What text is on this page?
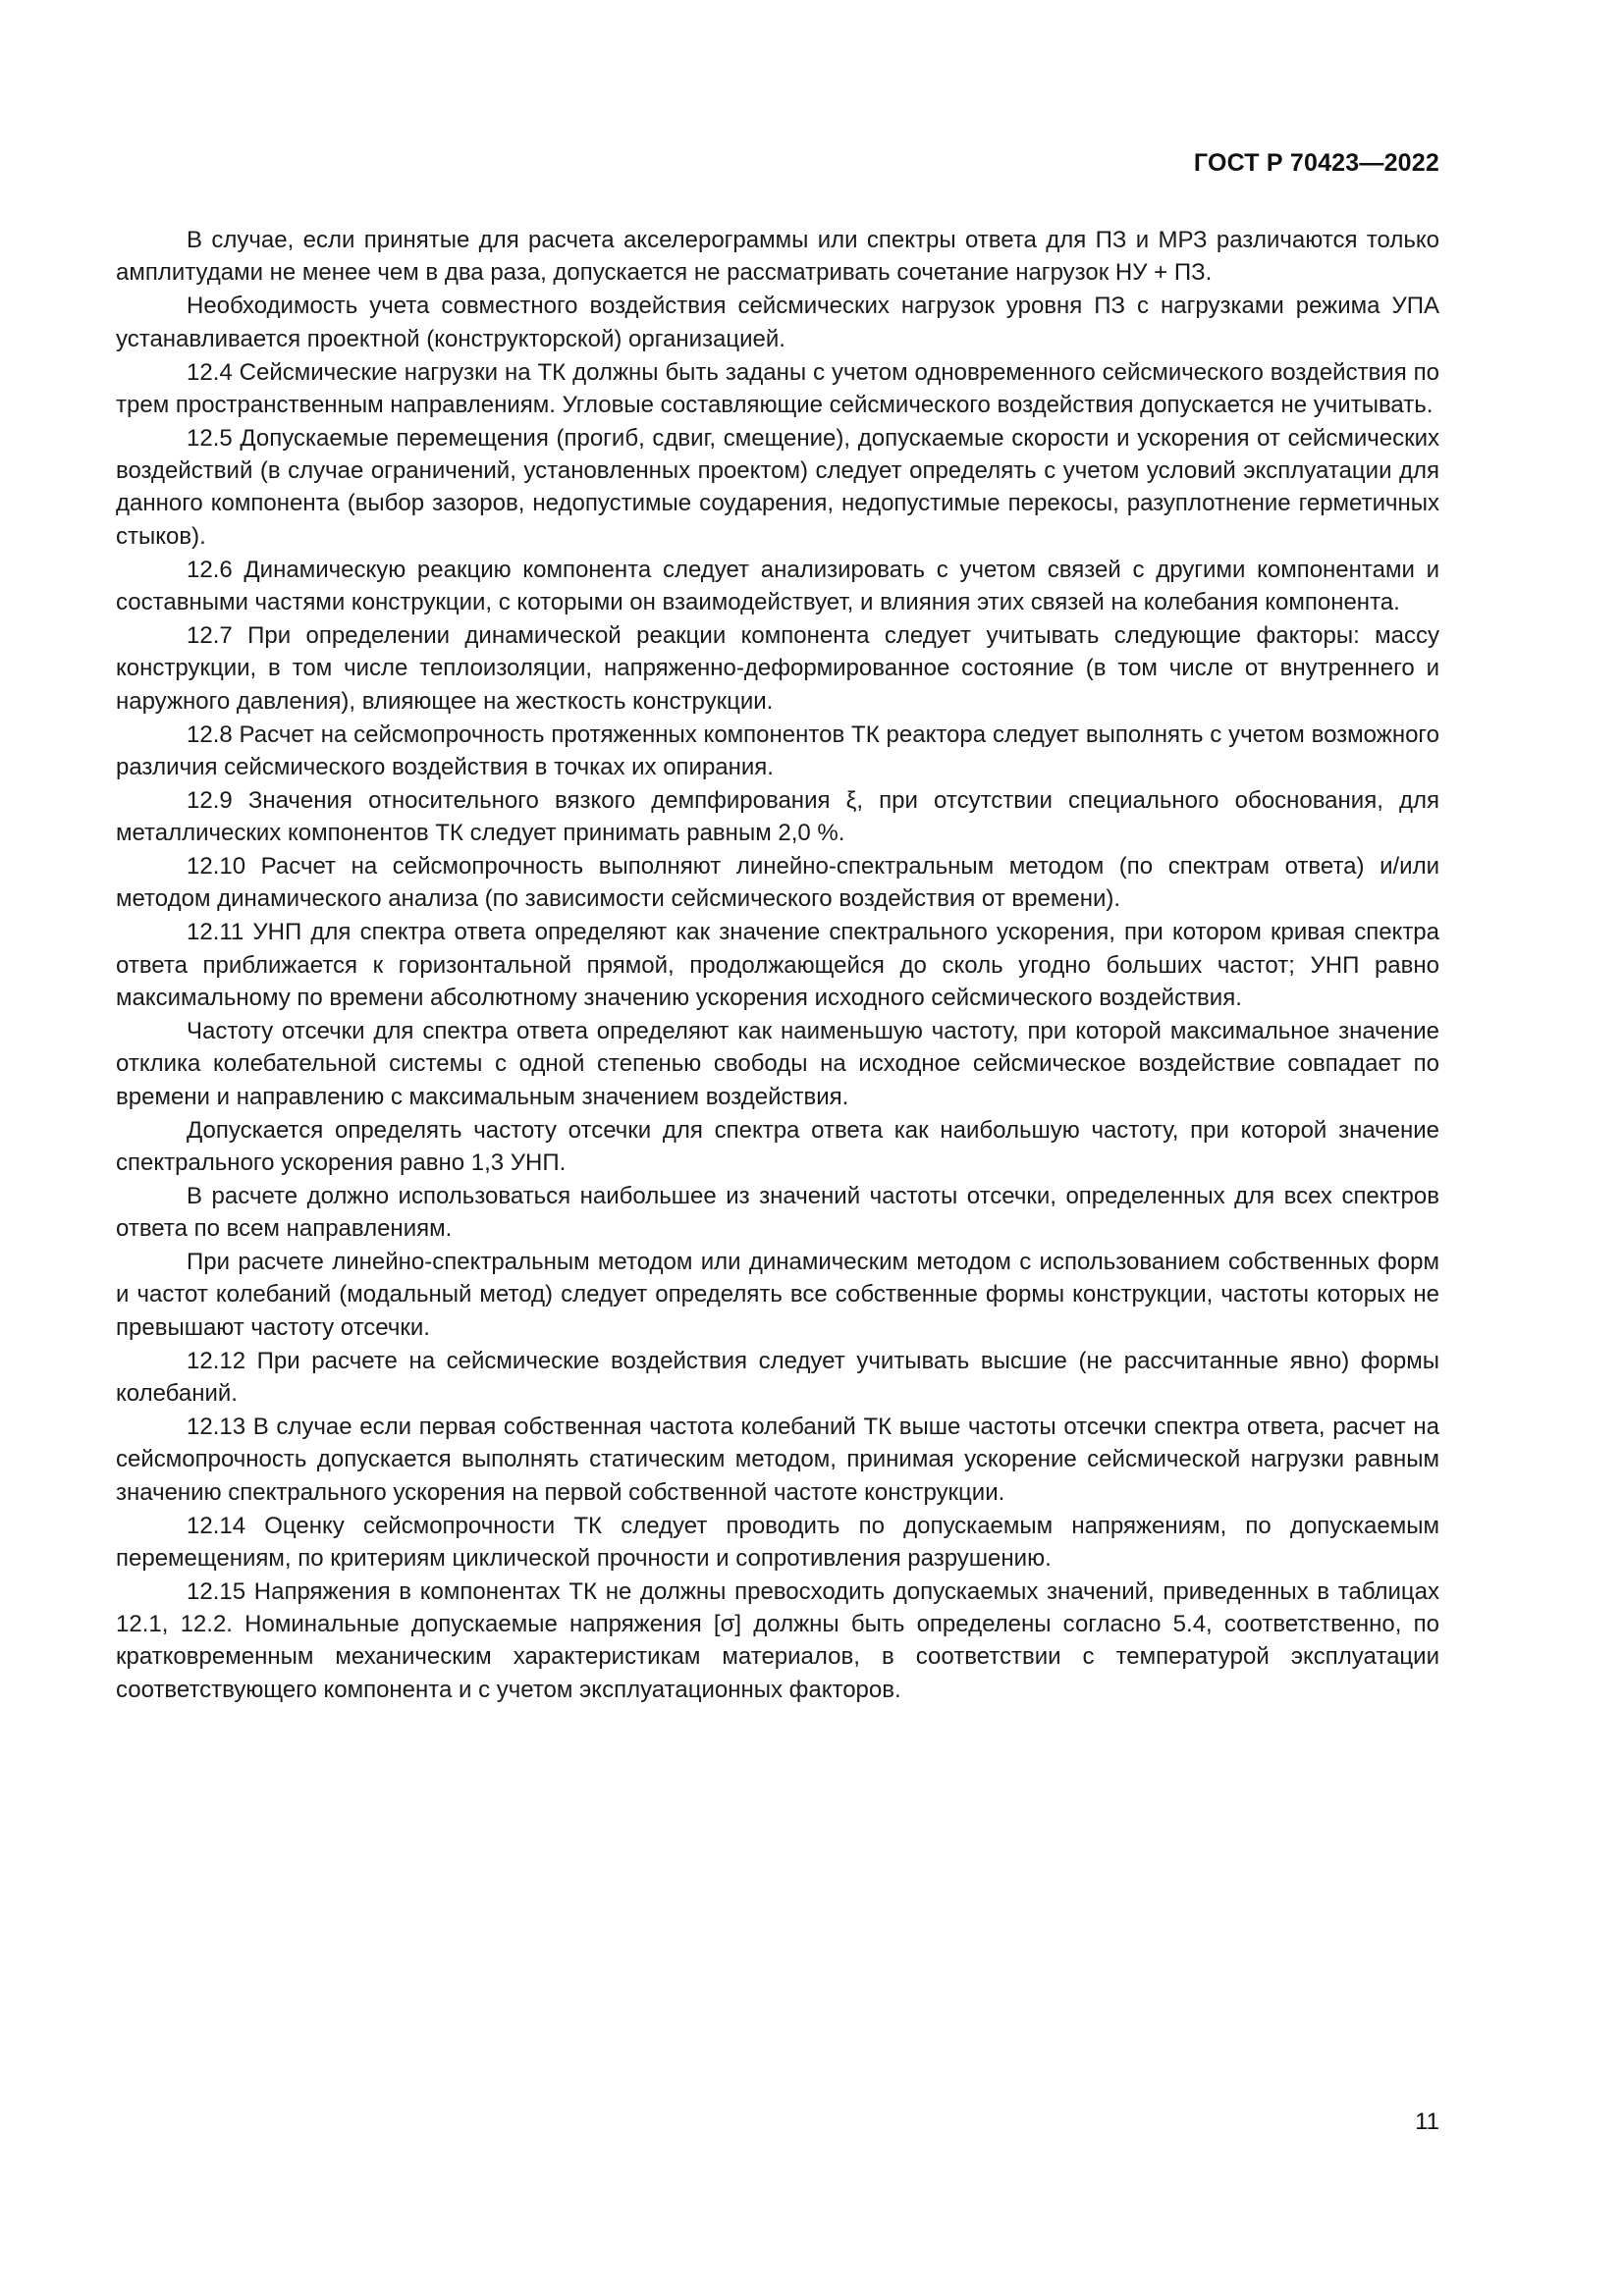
ГОСТ Р 70423—2022

В случае, если принятые для расчета акселерограммы или спектры ответа для ПЗ и МРЗ различаются только амплитудами не менее чем в два раза, допускается не рассматривать сочетание нагрузок НУ + ПЗ.

Необходимость учета совместного воздействия сейсмических нагрузок уровня ПЗ с нагрузками режима УПА устанавливается проектной (конструкторской) организацией.

12.4 Сейсмические нагрузки на ТК должны быть заданы с учетом одновременного сейсмического воздействия по трем пространственным направлениям. Угловые составляющие сейсмического воздействия допускается не учитывать.

12.5 Допускаемые перемещения (прогиб, сдвиг, смещение), допускаемые скорости и ускорения от сейсмических воздействий (в случае ограничений, установленных проектом) следует определять с учетом условий эксплуатации для данного компонента (выбор зазоров, недопустимые соударения, недопустимые перекосы, разуплотнение герметичных стыков).

12.6 Динамическую реакцию компонента следует анализировать с учетом связей с другими компонентами и составными частями конструкции, с которыми он взаимодействует, и влияния этих связей на колебания компонента.

12.7 При определении динамической реакции компонента следует учитывать следующие факторы: массу конструкции, в том числе теплоизоляции, напряженно-деформированное состояние (в том числе от внутреннего и наружного давления), влияющее на жесткость конструкции.

12.8 Расчет на сейсмопрочность протяженных компонентов ТК реактора следует выполнять с учетом возможного различия сейсмического воздействия в точках их опирания.

12.9 Значения относительного вязкого демпфирования ξ, при отсутствии специального обоснования, для металлических компонентов ТК следует принимать равным 2,0 %.

12.10 Расчет на сейсмопрочность выполняют линейно-спектральным методом (по спектрам ответа) и/или методом динамического анализа (по зависимости сейсмического воздействия от времени).

12.11 УНП для спектра ответа определяют как значение спектрального ускорения, при котором кривая спектра ответа приближается к горизонтальной прямой, продолжающейся до сколь угодно больших частот; УНП равно максимальному по времени абсолютному значению ускорения исходного сейсмического воздействия.

Частоту отсечки для спектра ответа определяют как наименьшую частоту, при которой максимальное значение отклика колебательной системы с одной степенью свободы на исходное сейсмическое воздействие совпадает по времени и направлению с максимальным значением воздействия.

Допускается определять частоту отсечки для спектра ответа как наибольшую частоту, при которой значение спектрального ускорения равно 1,3 УНП.

В расчете должно использоваться наибольшее из значений частоты отсечки, определенных для всех спектров ответа по всем направлениям.

При расчете линейно-спектральным методом или динамическим методом с использованием собственных форм и частот колебаний (модальный метод) следует определять все собственные формы конструкции, частоты которых не превышают частоту отсечки.

12.12 При расчете на сейсмические воздействия следует учитывать высшие (не рассчитанные явно) формы колебаний.

12.13 В случае если первая собственная частота колебаний ТК выше частоты отсечки спектра ответа, расчет на сейсмопрочность допускается выполнять статическим методом, принимая ускорение сейсмической нагрузки равным значению спектрального ускорения на первой собственной частоте конструкции.

12.14 Оценку сейсмопрочности ТК следует проводить по допускаемым напряжениям, по допускаемым перемещениям, по критериям циклической прочности и сопротивления разрушению.

12.15 Напряжения в компонентах ТК не должны превосходить допускаемых значений, приведенных в таблицах 12.1, 12.2. Номинальные допускаемые напряжения [σ] должны быть определены согласно 5.4, соответственно, по кратковременным механическим характеристикам материалов, в соответствии с температурой эксплуатации соответствующего компонента и с учетом эксплуатационных факторов.

11
